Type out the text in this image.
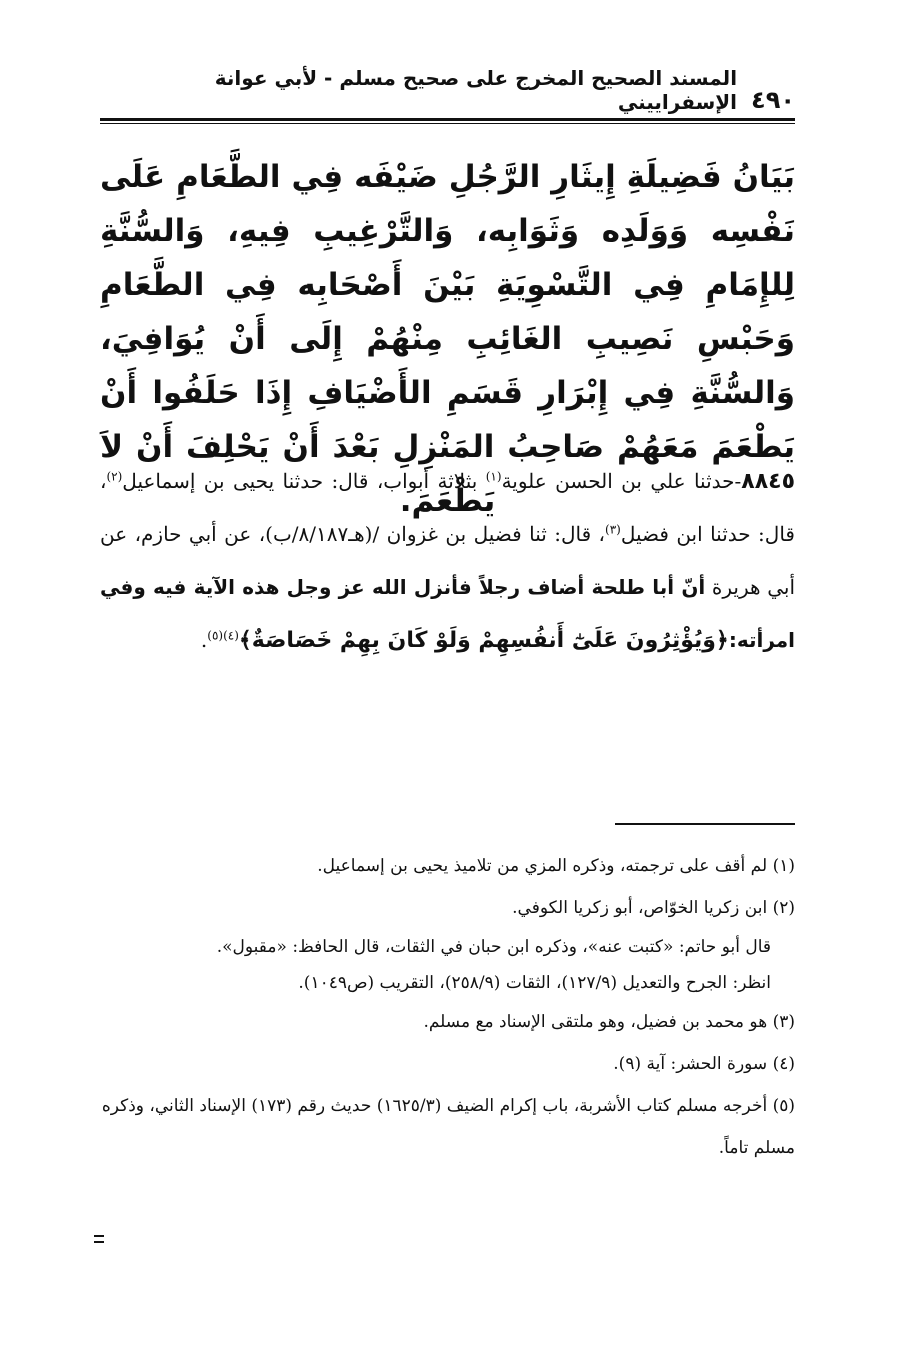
٤٩٠
المسند الصحيح المخرج على صحيح مسلم - لأبي عوانة الإسفراييني
بَيَانُ فَضِيلَةِ إِيثَارِ الرَّجُلِ ضَيْفَه فِي الطَّعَامِ عَلَى نَفْسِه وَوَلَدِه وَثَوَابِه، وَالتَّرْغِيبِ فِيهِ، وَالسُّنَّةِ لِلإِمَامِ فِي التَّسْوِيَةِ بَيْنَ أَصْحَابِه فِي الطَّعَامِ وَحَبْسِ نَصِيبِ الغَائِبِ مِنْهُمْ إِلَى أَنْ يُوَافِيَ، وَالسُّنَّةِ فِي إِبْرَارِ قَسَمِ الأَضْيَافِ إِذَا حَلَفُوا أَنْ يَطْعَمَ مَعَهُمْ صَاحِبُ المَنْزِلِ بَعْدَ أَنْ يَحْلِفَ أَنْ لاَ يَطْعَمَ.
٨٨٤٥-حدثنا علي بن الحسن علوية$^{(١)}$ بثلاثة أبواب، قال: حدثنا يحيى بن إسماعيل$^{(٢)}$، قال: حدثنا ابن فضيل$^{(٣)}$، قال: ثنا فضيل بن غزوان /(هـ٨/١٨٧/ب)، عن أبي حازم، عن أبي هريرة أنّ أبا طلحة أضاف رجلاً فأنزل الله عز وجل هذه الآية فيه وفي امرأته:﴿وَيُؤْثِرُونَ عَلَىٰٓ أَنفُسِهِمْ وَلَوْ كَانَ بِهِمْ خَصَاصَةٌ﴾$^{(٤)(٥)}$.
(١) لم أقف على ترجمته، وذكره المزي من تلاميذ يحيى بن إسماعيل.
(٢) ابن زكريا الخوّاص، أبو زكريا الكوفي.
قال أبو حاتم: «كتبت عنه»، وذكره ابن حبان في الثقات، قال الحافظ: «مقبول».
انظر: الجرح والتعديل (١٢٧/٩)، الثقات (٢٥٨/٩)، التقريب (ص١٠٤٩).
(٣) هو محمد بن فضيل، وهو ملتقى الإسناد مع مسلم.
(٤) سورة الحشر: آية (٩).
(٥) أخرجه مسلم كتاب الأشربة، باب إكرام الضيف (١٦٢٥/٣) حديث رقم (١٧٣) الإسناد الثاني، وذكره مسلم تاماً.
